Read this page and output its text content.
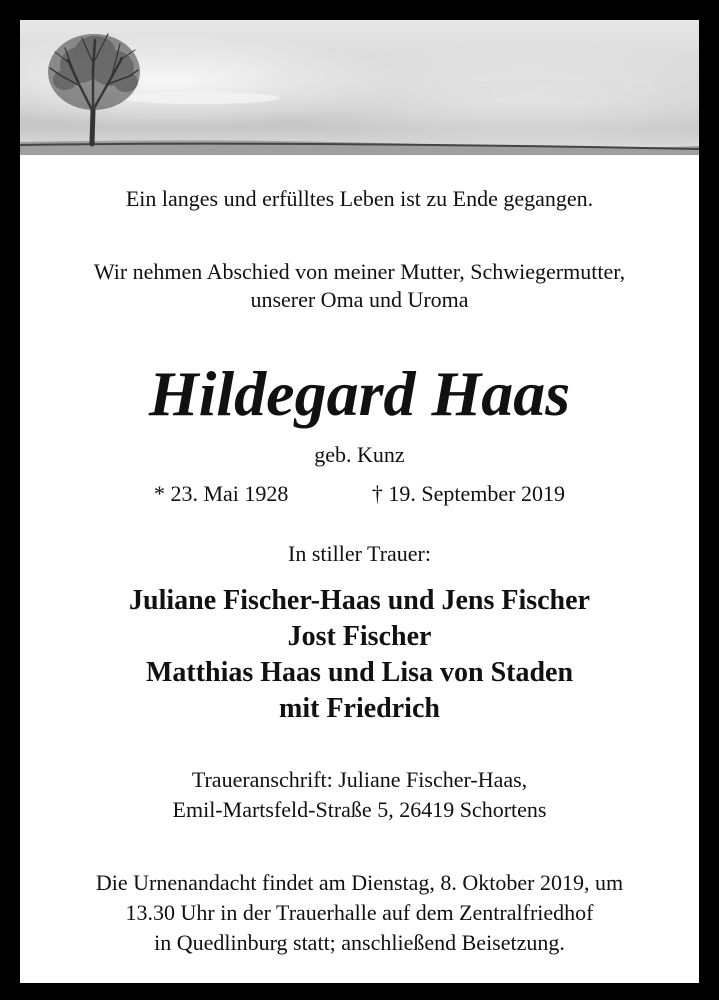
Ein langes und erfülltes Leben ist zu Ende gegangen.
Wir nehmen Abschied von meiner Mutter, Schwiegermutter,
unserer Oma und Uroma
Hildegard Haas
geb. Kunz
* 23. Mai 1928	† 19. September 2019
In stiller Trauer:
Juliane Fischer-Haas und Jens Fischer
Jost Fischer
Matthias Haas und Lisa von Staden
mit Friedrich
Traueranschrift: Juliane Fischer-Haas,
Emil-Martsfeld-Straße 5, 26419 Schortens
Die Urnenandacht findet am Dienstag, 8. Oktober 2019, um
13.30 Uhr in der Trauerhalle auf dem Zentralfriedhof
in Quedlinburg statt; anschließend Beisetzung.
